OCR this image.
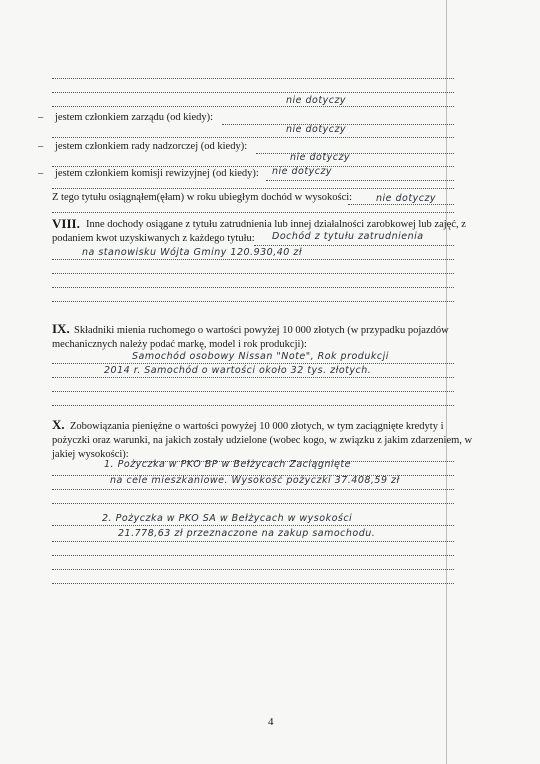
nie dotyczy
– jestem członkiem zarządu (od kiedy):
nie dotyczy
– jestem członkiem rady nadzorczej (od kiedy):
nie dotyczy
– jestem członkiem komisji rewizyjnej (od kiedy): nie dotyczy
Z tego tytułu osiągnąłem(ęłam) w roku ubiegłym dochód w wysokości:	nie dotyczy
VIII. Inne dochody osiągane z tytułu zatrudnienia lub innej działalności zarobkowej lub zajęć, z
podaniem kwot uzyskiwanych z każdego tytułu: Dochód z tytułu zatrudnienia
na stanowisku Wójta Gminy 120.930,40 zł
IX. Składniki mienia ruchomego o wartości powyżej 10 000 złotych (w przypadku pojazdów
mechanicznych należy podać markę, model i rok produkcji):
Samochód osobowy Nissan "Note", Rok produkcji
2014 r. Samochód o wartości około 32 tys. złotych.
X. Zobowiązania pieniężne o wartości powyżej 10 000 złotych, w tym zaciągnięte kredyty i
pożyczki oraz warunki, na jakich zostały udzielone (wobec kogo, w związku z jakim zdarzeniem, w
jakiej wysokości):
1. Pożyczka w PKO BP w Bełżycach Zaciągnięte
na cele mieszkaniowe. Wysokość pożyczki 37.408,59 zł
2. Pożyczka w PKO SA w Bełżycach w wysokości
21.778,63 zł przeznaczone na zakup samochodu.
4
